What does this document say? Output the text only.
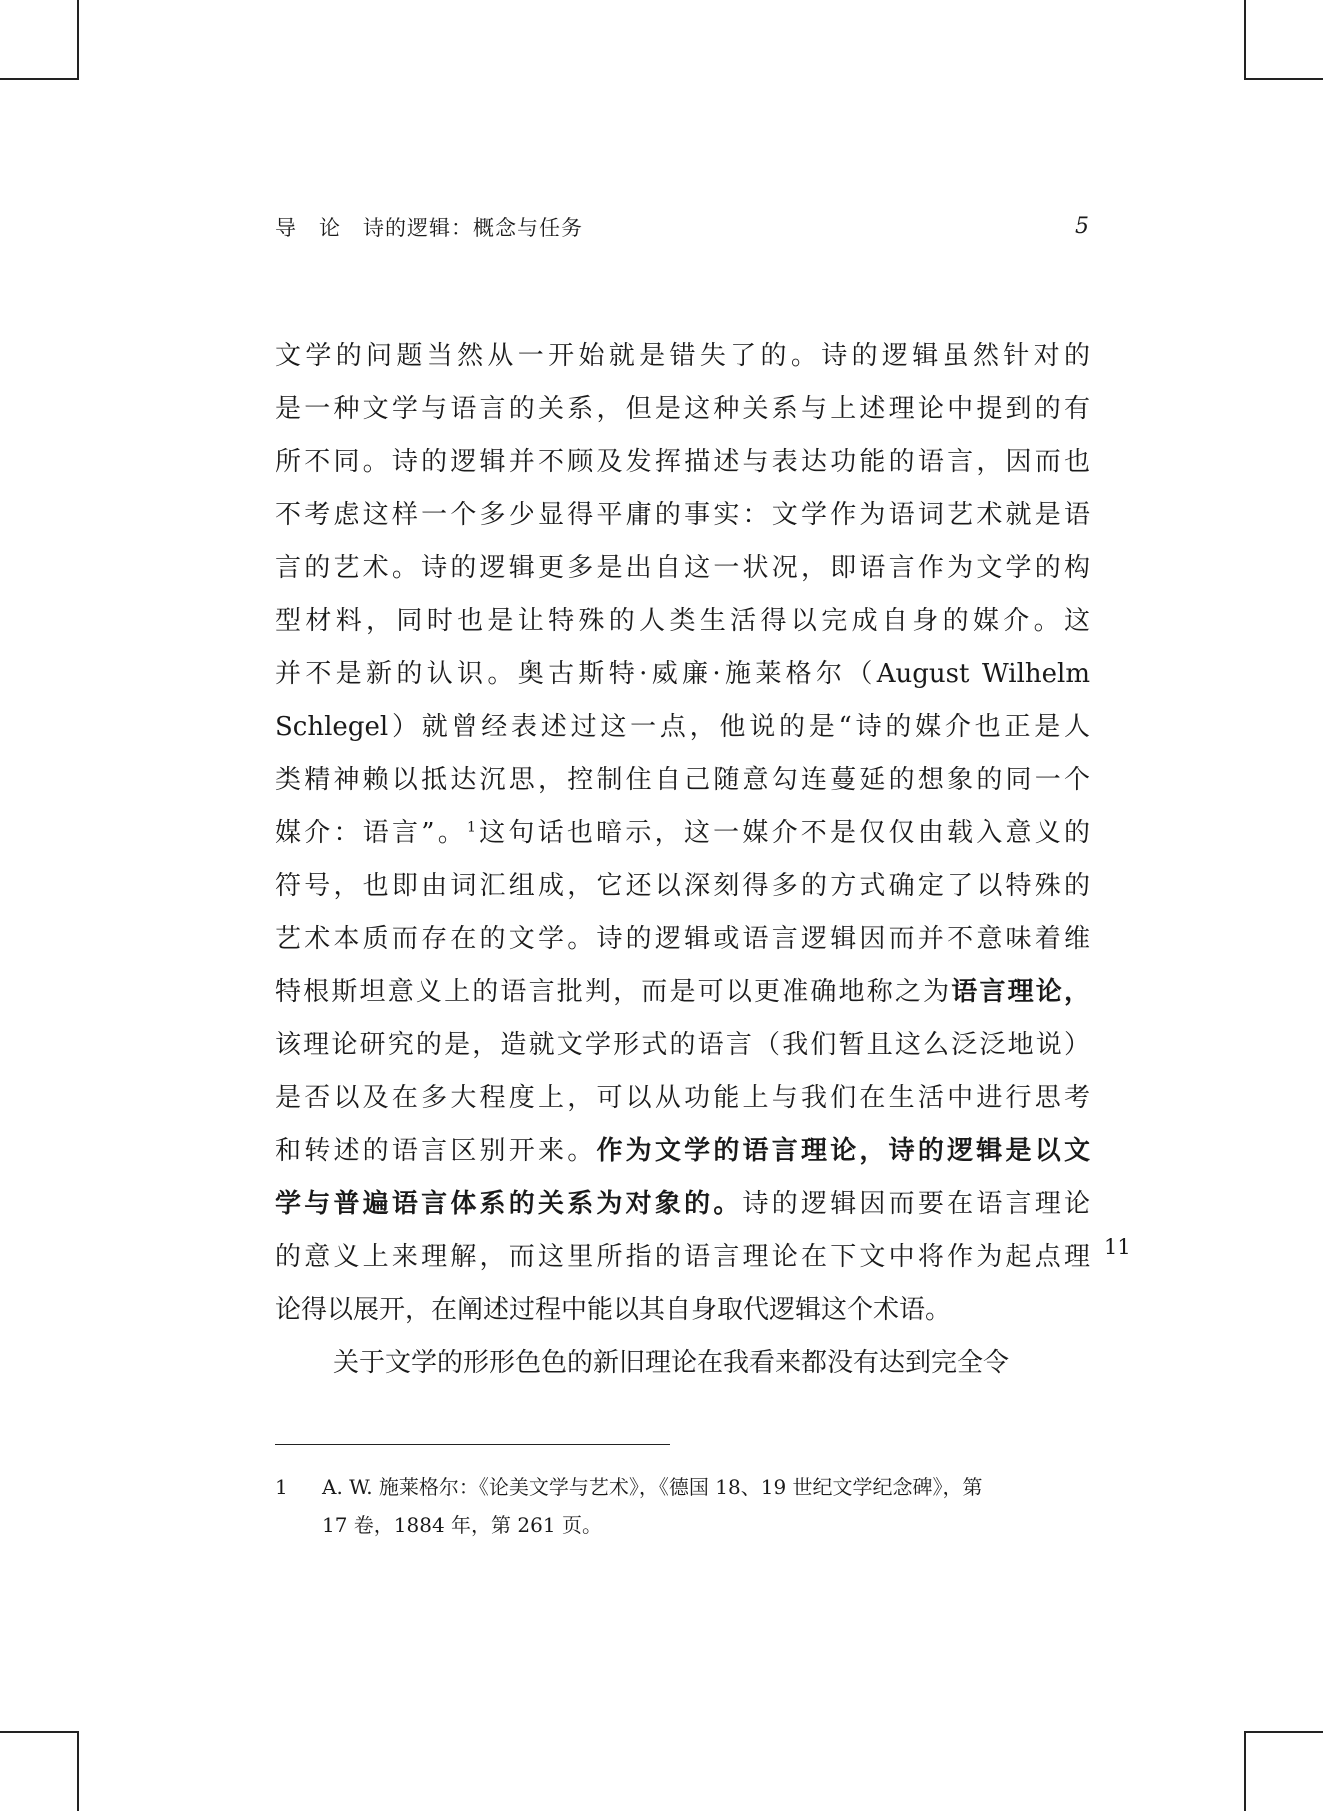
导　论　诗的逻辑：概念与任务	5
文学的问题当然从一开始就是错失了的。诗的逻辑虽然针对的
是一种文学与语言的关系，但是这种关系与上述理论中提到的有
所不同。诗的逻辑并不顾及发挥描述与表达功能的语言，因而也
不考虑这样一个多少显得平庸的事实：文学作为语词艺术就是语
言的艺术。诗的逻辑更多是出自这一状况，即语言作为文学的构
型材料，同时也是让特殊的人类生活得以完成自身的媒介。这
并不是新的认识。奥古斯特·威廉·施莱格尔（August Wilhelm
Schlegel）就曾经表述过这一点，他说的是“诗的媒介也正是人
类精神赖以抵达沉思，控制住自己随意勾连蔓延的想象的同一个
媒介：语言”。$^1$这句话也暗示，这一媒介不是仅仅由载入意义的
符号，也即由词汇组成，它还以深刻得多的方式确定了以特殊的
艺术本质而存在的文学。诗的逻辑或语言逻辑因而并不意味着维
特根斯坦意义上的语言批判，而是可以更准确地称之为语言理论，
该理论研究的是，造就文学形式的语言（我们暂且这么泛泛地说）
是否以及在多大程度上，可以从功能上与我们在生活中进行思考
和转述的语言区别开来。作为文学的语言理论，诗的逻辑是以文
学与普遍语言体系的关系为对象的。诗的逻辑因而要在语言理论
的意义上来理解，而这里所指的语言理论在下文中将作为起点理
论得以展开，在阐述过程中能以其自身取代逻辑这个术语。
关于文学的形形色色的新旧理论在我看来都没有达到完全令
11
1 A. W. 施莱格尔：《论美文学与艺术》，《德国 18、19 世纪文学纪念碑》，第
17 卷，1884 年，第 261 页。
